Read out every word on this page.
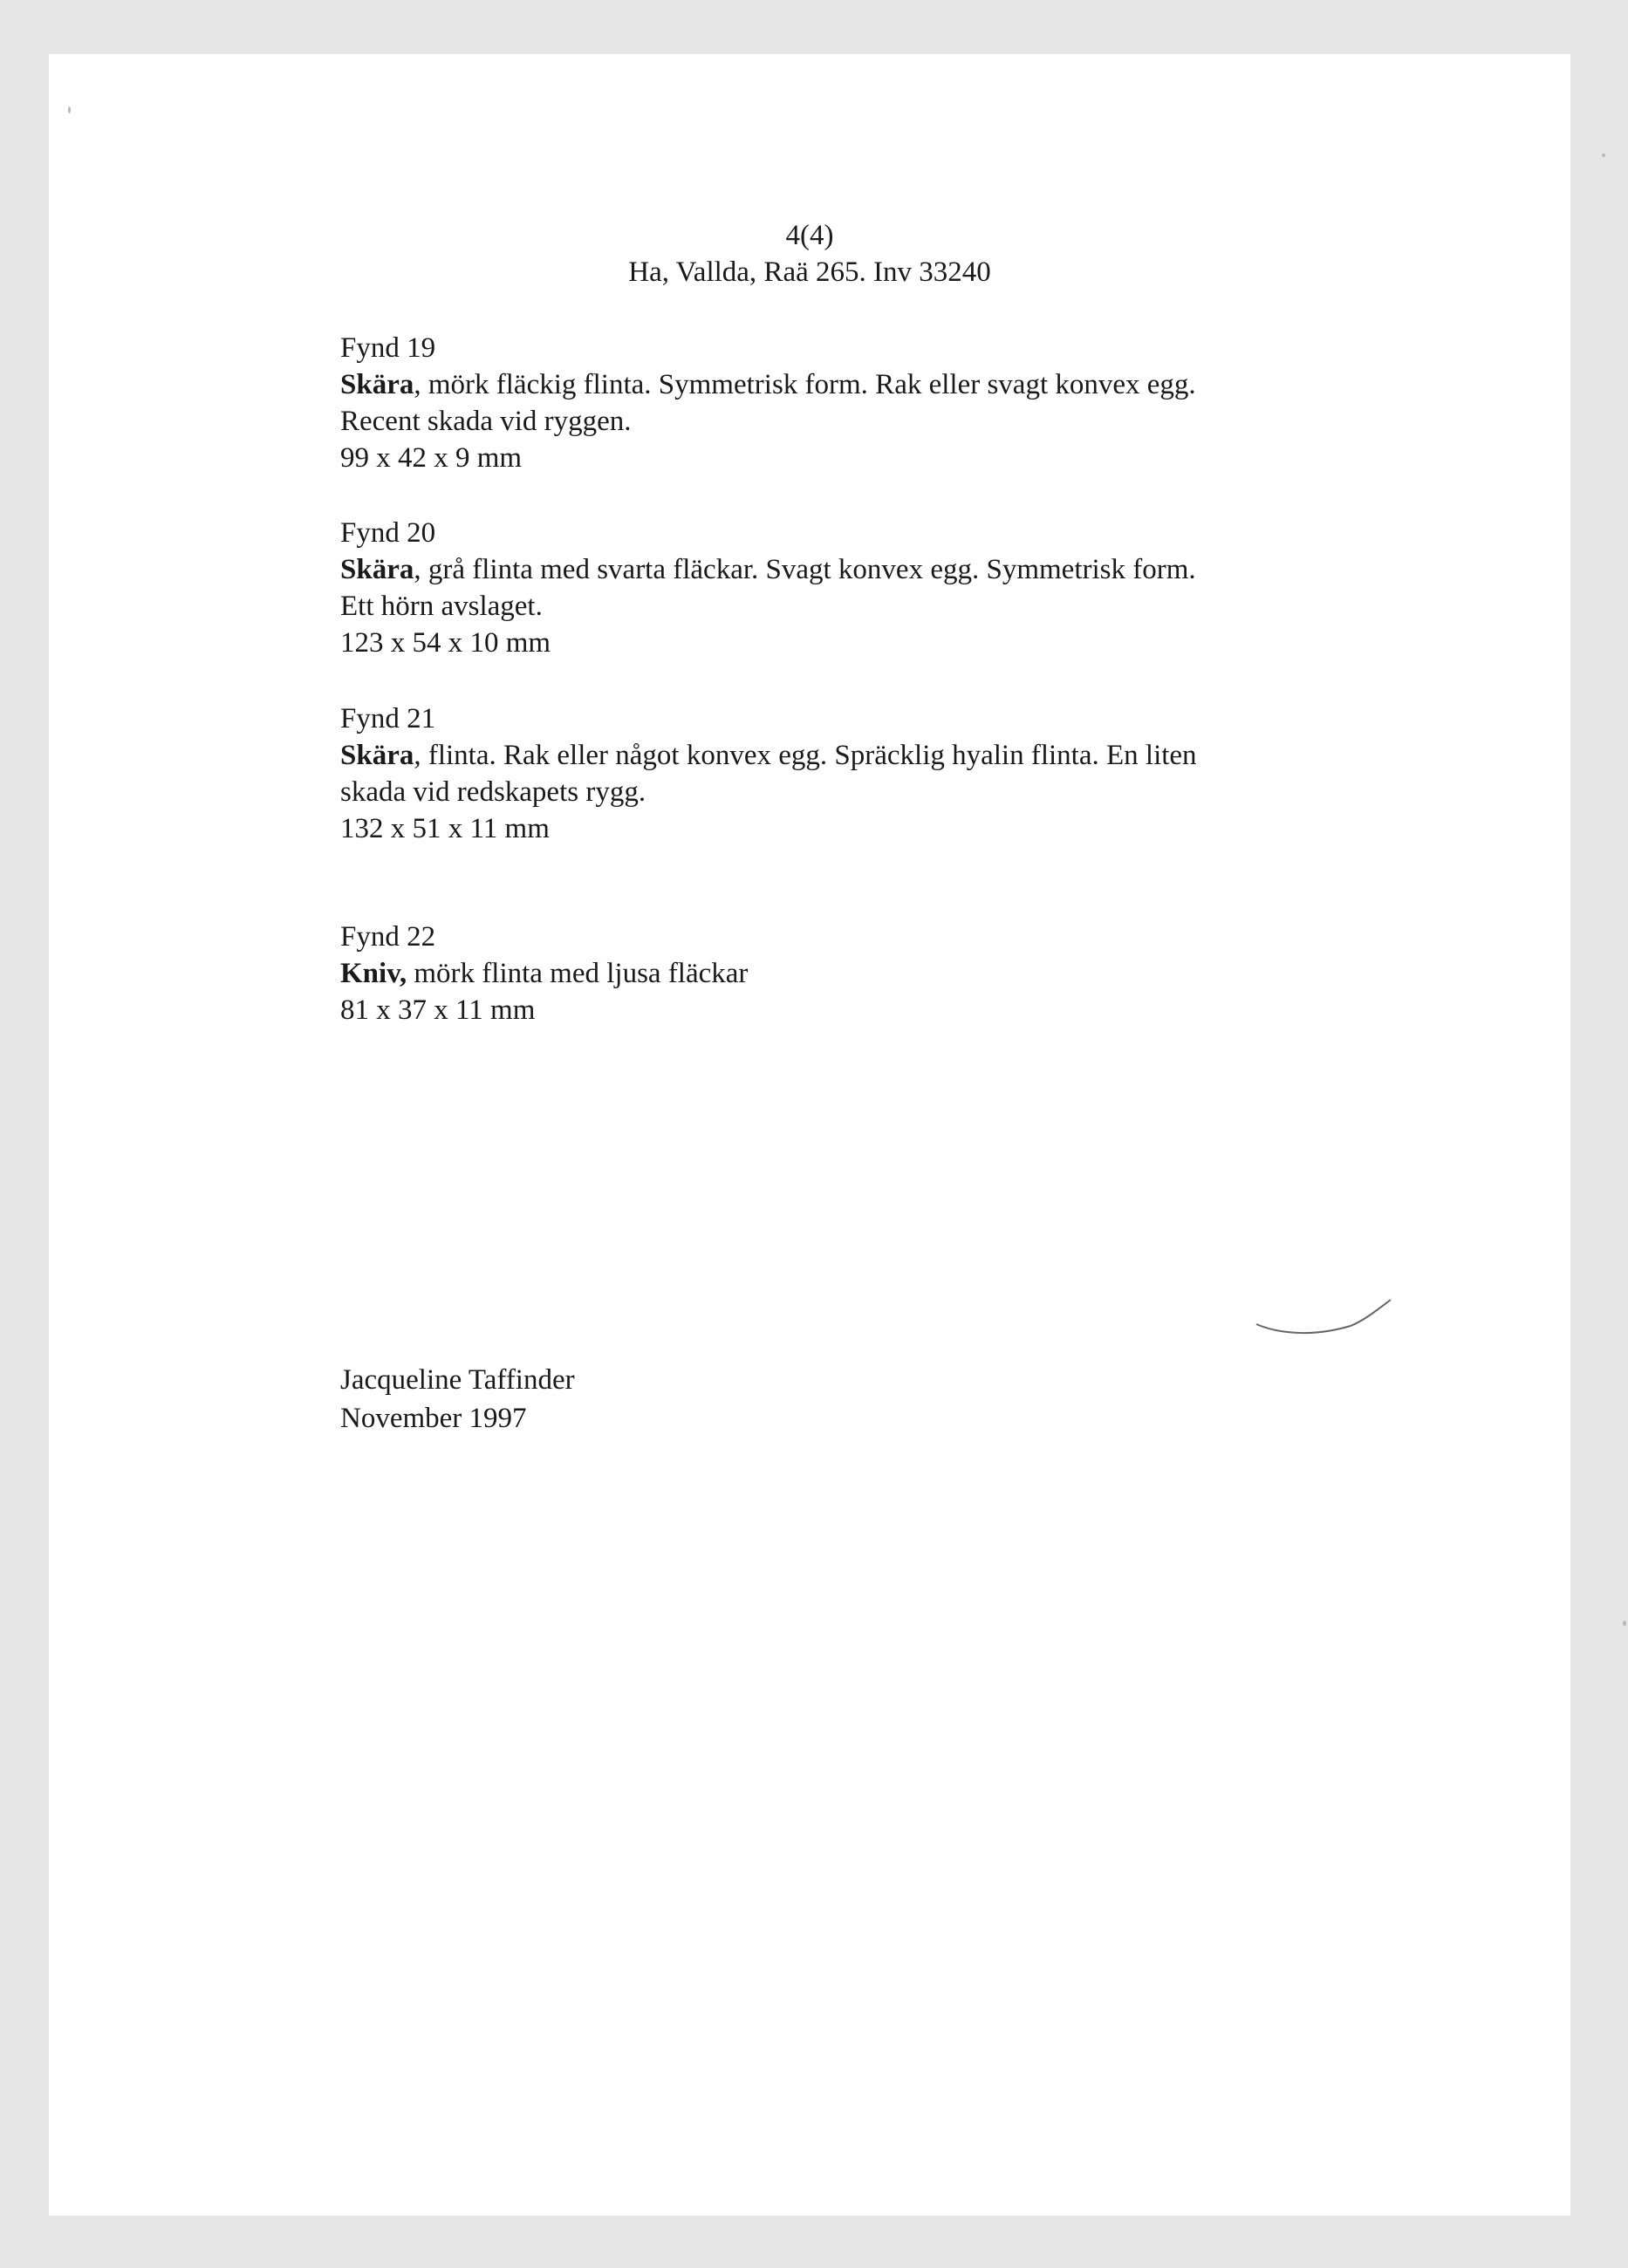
4(4)
Ha, Vallda, Raä 265. Inv 33240
Fynd 19
Skära, mörk fläckig flinta. Symmetrisk form. Rak eller svagt konvex egg.
Recent skada vid ryggen.
99 x 42 x 9 mm
Fynd 20
Skära, grå flinta med svarta fläckar. Svagt konvex egg. Symmetrisk form.
Ett hörn avslaget.
123 x 54 x 10 mm
Fynd 21
Skära, flinta. Rak eller något konvex egg. Spräcklig hyalin flinta. En liten
skada vid redskapets rygg.
132 x 51 x 11 mm
Fynd 22
Kniv, mörk flinta med ljusa fläckar
81 x 37 x 11 mm
Jacqueline Taffinder
November 1997
